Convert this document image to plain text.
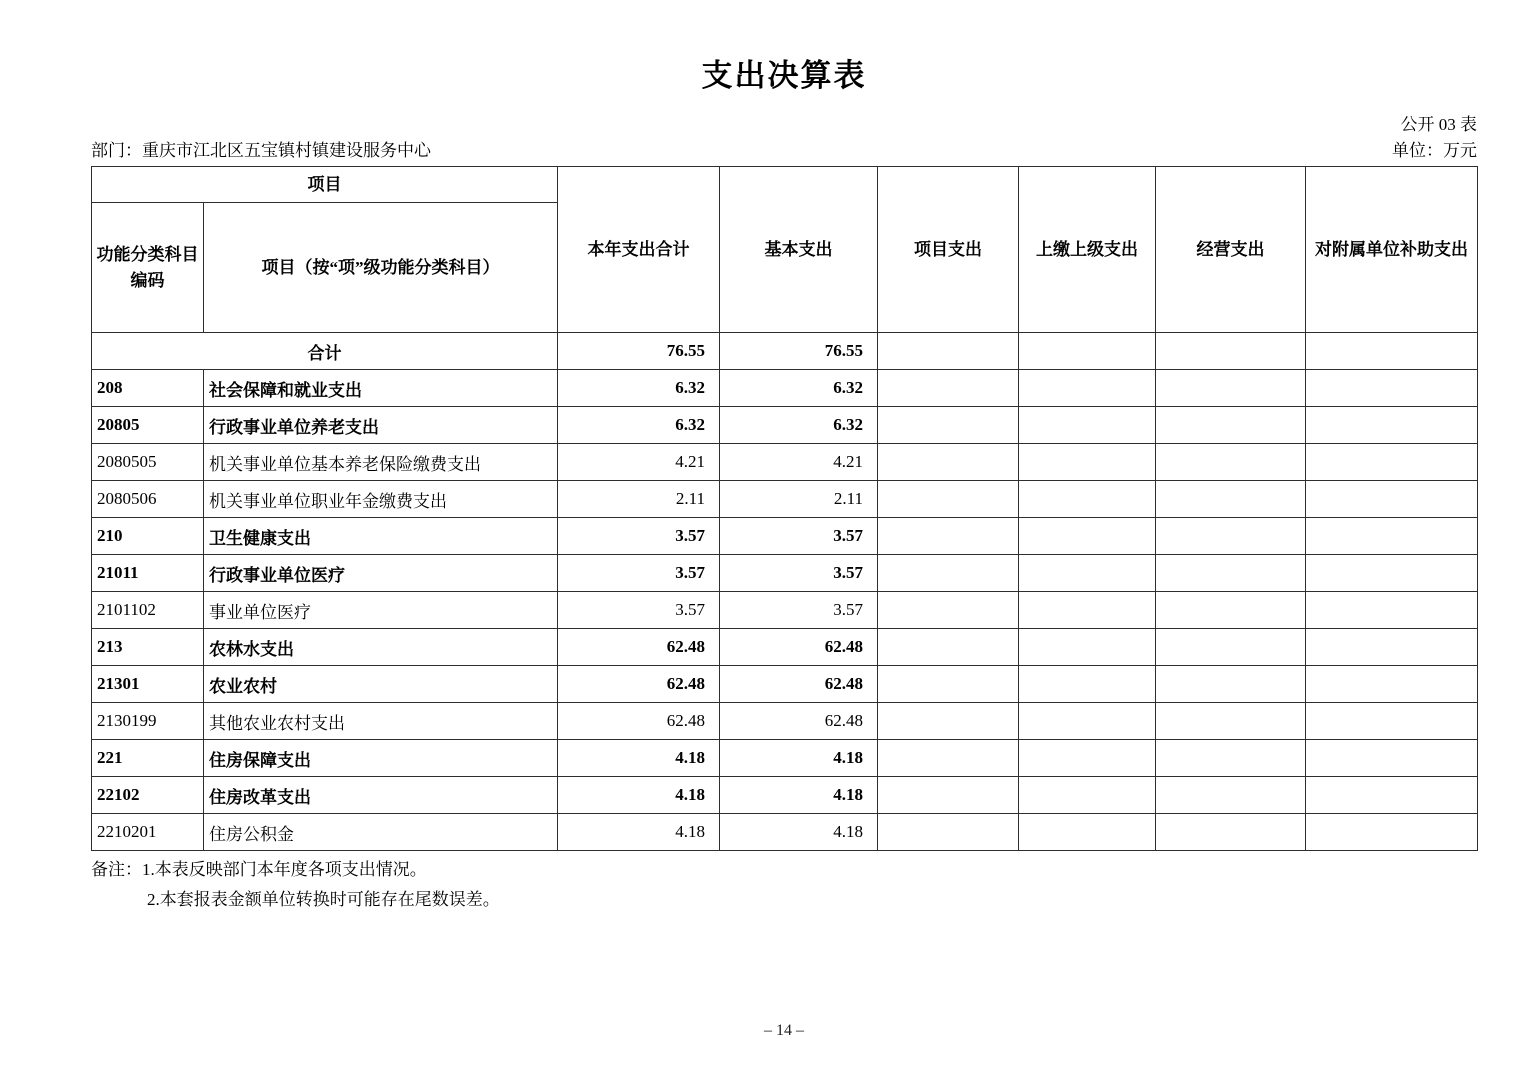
支出决算表
公开 03 表
部门：重庆市江北区五宝镇村镇建设服务中心	单位：万元
项目		本年支出合计	基本支出	项目支出	上缴上级支出	经营支出	对附属单位补助支出
功能分类科目编码	项目（按“项”级功能分类科目）						
合计		76.55	76.55				
208	社会保障和就业支出	6.32	6.32				
20805	行政事业单位养老支出	6.32	6.32				
2080505	机关事业单位基本养老保险缴费支出	4.21	4.21				
2080506	机关事业单位职业年金缴费支出	2.11	2.11				
210	卫生健康支出	3.57	3.57				
21011	行政事业单位医疗	3.57	3.57				
2101102	事业单位医疗	3.57	3.57				
213	农林水支出	62.48	62.48				
21301	农业农村	62.48	62.48				
2130199	其他农业农村支出	62.48	62.48				
221	住房保障支出	4.18	4.18				
22102	住房改革支出	4.18	4.18				
2210201	住房公积金	4.18	4.18				
备注：1.本表反映部门本年度各项支出情况。
2.本套报表金额单位转换时可能存在尾数误差。
– 14 –
